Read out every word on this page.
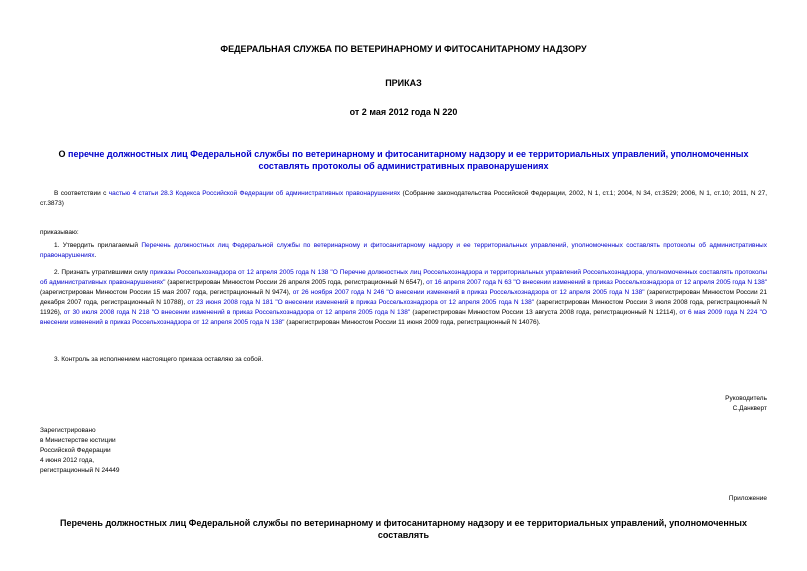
ФЕДЕРАЛЬНАЯ СЛУЖБА ПО ВЕТЕРИНАРНОМУ И ФИТОСАНИТАРНОМУ НАДЗОРУ
ПРИКАЗ
от 2 мая 2012 года N 220
О перечне должностных лиц Федеральной службы по ветеринарному и фитосанитарному надзору и ее территориальных управлений, уполномоченных составлять протоколы об административных правонарушениях
В соответствии с частью 4 статьи 28.3 Кодекса Российской Федерации об административных правонарушениях (Собрание законодательства Российской Федерации, 2002, N 1, ст.1; 2004, N 34, ст.3529; 2006, N 1, ст.10; 2011, N 27, ст.3873)
приказываю:
1. Утвердить прилагаемый Перечень должностных лиц Федеральной службы по ветеринарному и фитосанитарному надзору и ее территориальных управлений, уполномоченных составлять протоколы об административных правонарушениях.
2. Признать утратившими силу приказы Россельхознадзора от 12 апреля 2005 года N 138 "О Перечне должностных лиц Россельхознадзора и территориальных управлений Россельхознадзора, уполномоченных составлять протоколы об административных правонарушениях" (зарегистрирован Минюстом России 26 апреля 2005 года, регистрационный N 6547), от 16 апреля 2007 года N 63 "О внесении изменений в приказ Россельхознадзора от 12 апреля 2005 года N 138" (зарегистрирован Минюстом России 15 мая 2007 года, регистрационный N 9474), от 26 ноября 2007 года N 246 "О внесении изменений в приказ Россельхознадзора от 12 апреля 2005 года N 138" (зарегистрирован Минюстом России 21 декабря 2007 года, регистрационный N 10788), от 23 июня 2008 года N 181 "О внесении изменений в приказ Россельхознадзора от 12 апреля 2005 года N 138" (зарегистрирован Минюстом России 3 июля 2008 года, регистрационный N 11926), от 30 июля 2008 года N 218 "О внесении изменений в приказ Россельхознадзора от 12 апреля 2005 года N 138" (зарегистрирован Минюстом России 13 августа 2008 года, регистрационный N 12114), от 6 мая 2009 года N 224 "О внесении изменений в приказ Россельхознадзора от 12 апреля 2005 года N 138" (зарегистрирован Минюстом России 11 июня 2009 года, регистрационный N 14076).
3. Контроль за исполнением настоящего приказа оставляю за собой.
Руководитель
С.Данкверт
Зарегистрировано
в Министерстве юстиции
Российской Федерации
4 июня 2012 года,
регистрационный N 24449
Приложение
Перечень должностных лиц Федеральной службы по ветеринарному и фитосанитарному надзору и ее территориальных управлений, уполномоченных составлять
